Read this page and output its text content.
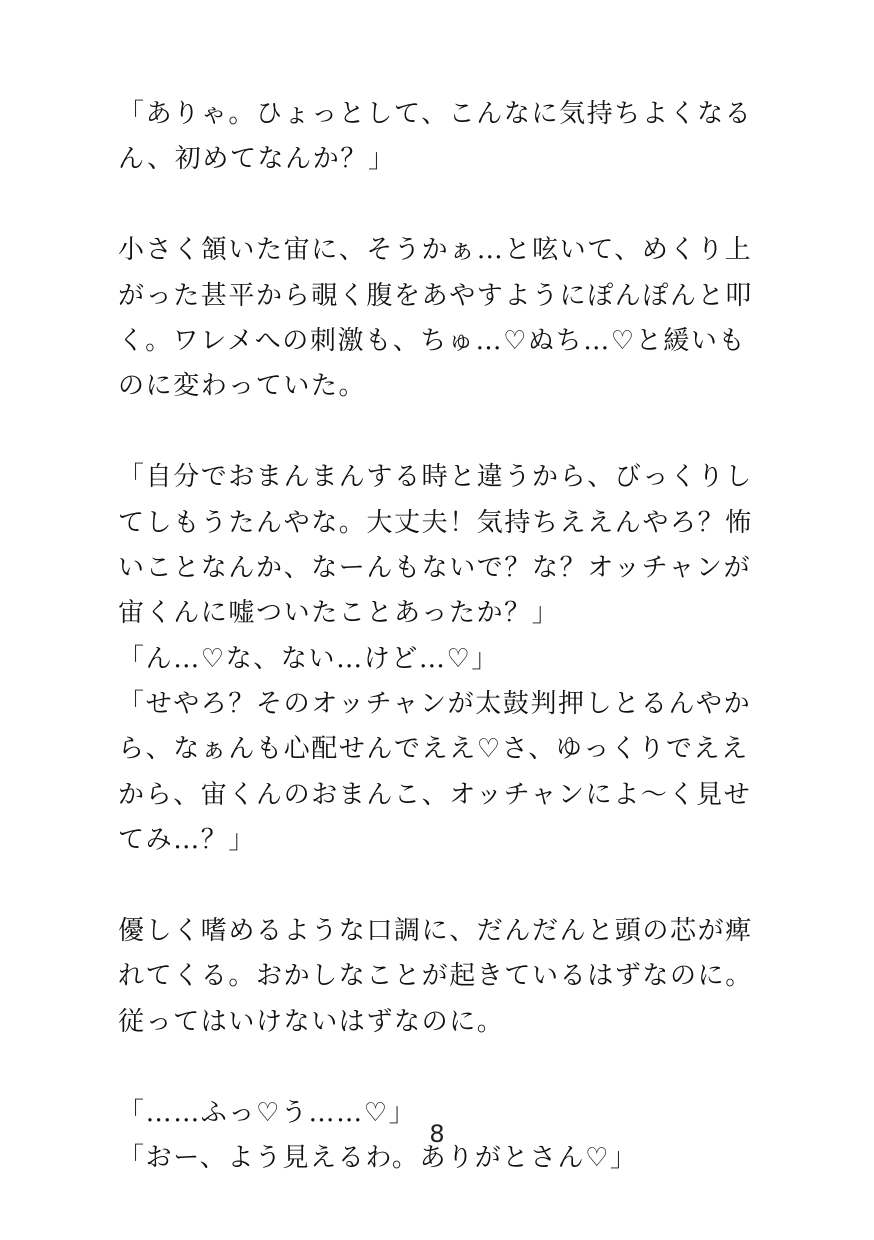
「ありゃ。ひょっとして、こんなに気持ちよくなる
ん、初めてなんか？」
小さく頷いた宙に、そうかぁ…と呟いて、めくり上
がった甚平から覗く腹をあやすようにぽんぽんと叩
く。ワレメへの刺激も、ちゅ…♡ぬち…♡と緩いも
のに変わっていた。
「自分でおまんまんする時と違うから、びっくりし
てしもうたんやな。大丈夫！気持ちええんやろ？怖
いことなんか、なーんもないで？な？オッチャンが
宙くんに嘘ついたことあったか？」
「ん…♡な、ない…けど…♡」
「せやろ？そのオッチャンが太鼓判押しとるんやか
ら、なぁんも心配せんでええ♡さ、ゆっくりでええ
から、宙くんのおまんこ、オッチャンによ〜く見せ
てみ…？」
優しく嗜めるような口調に、だんだんと頭の芯が痺
れてくる。おかしなことが起きているはずなのに。
従ってはいけないはずなのに。
「……ふっ♡う……♡」
「おー、よう見えるわ。ありがとさん♡」
8
